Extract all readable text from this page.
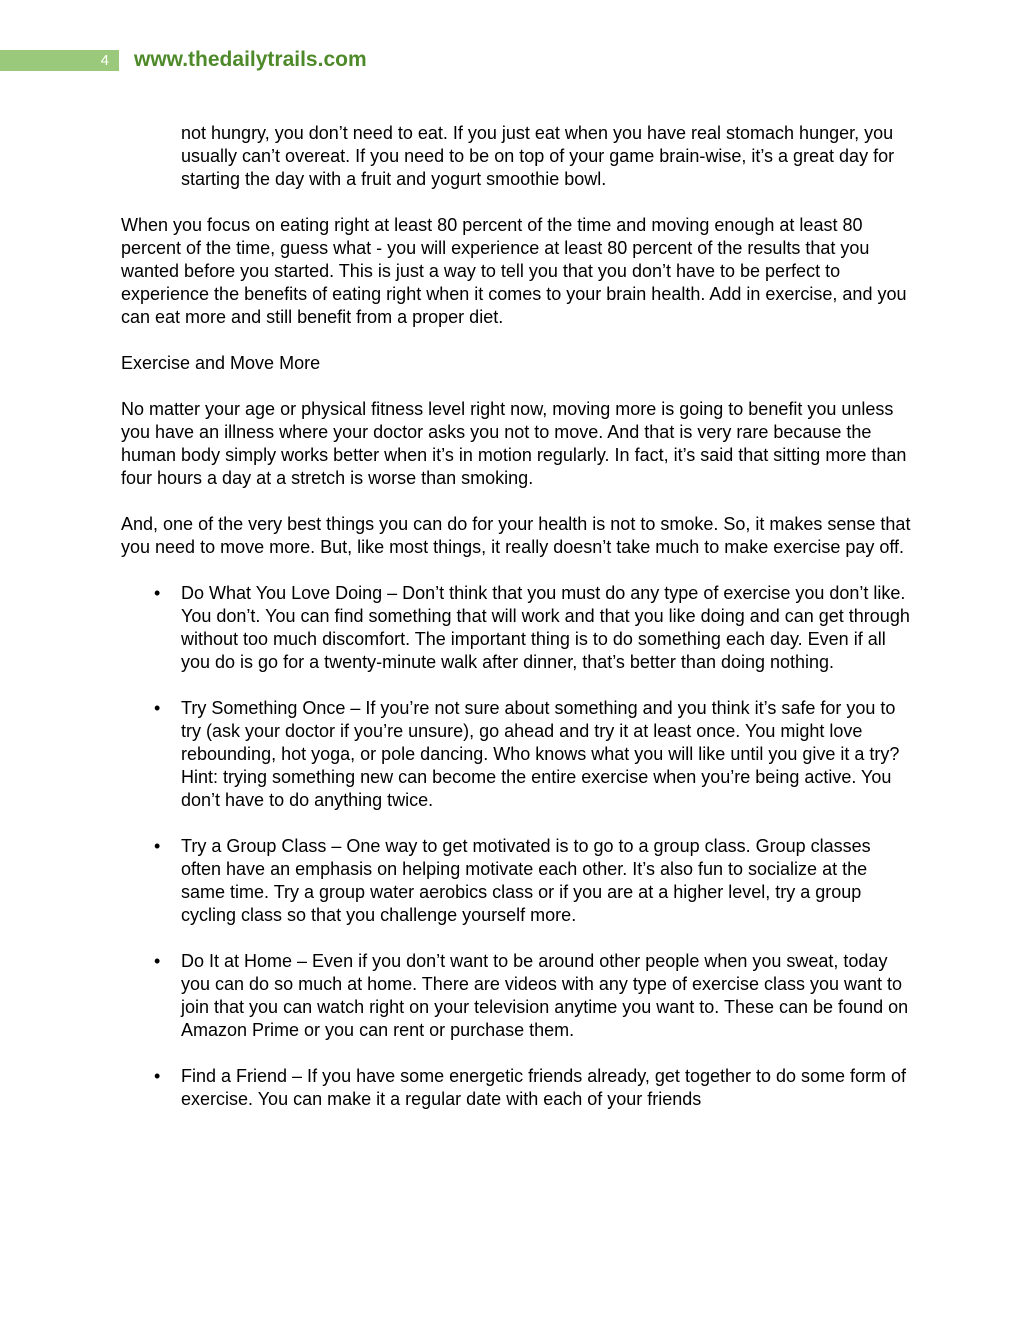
4 www.thedailytrails.com

not hungry, you don’t need to eat. If you just eat when you have real stomach hunger, you usually can’t overeat. If you need to be on top of your game brain-wise, it’s a great day for starting the day with a fruit and yogurt smoothie bowl.

When you focus on eating right at least 80 percent of the time and moving enough at least 80 percent of the time, guess what - you will experience at least 80 percent of the results that you wanted before you started. This is just a way to tell you that you don’t have to be perfect to experience the benefits of eating right when it comes to your brain health. Add in exercise, and you can eat more and still benefit from a proper diet.

Exercise and Move More

No matter your age or physical fitness level right now, moving more is going to benefit you unless you have an illness where your doctor asks you not to move. And that is very rare because the human body simply works better when it’s in motion regularly. In fact, it’s said that sitting more than four hours a day at a stretch is worse than smoking.

And, one of the very best things you can do for your health is not to smoke. So, it makes sense that you need to move more. But, like most things, it really doesn’t take much to make exercise pay off.

• Do What You Love Doing – Don’t think that you must do any type of exercise you don’t like. You don’t. You can find something that will work and that you like doing and can get through without too much discomfort. The important thing is to do something each day. Even if all you do is go for a twenty-minute walk after dinner, that’s better than doing nothing.
• Try Something Once – If you’re not sure about something and you think it’s safe for you to try (ask your doctor if you’re unsure), go ahead and try it at least once. You might love rebounding, hot yoga, or pole dancing. Who knows what you will like until you give it a try? Hint: trying something new can become the entire exercise when you’re being active. You don’t have to do anything twice.
• Try a Group Class – One way to get motivated is to go to a group class. Group classes often have an emphasis on helping motivate each other. It’s also fun to socialize at the same time. Try a group water aerobics class or if you are at a higher level, try a group cycling class so that you challenge yourself more.
• Do It at Home – Even if you don’t want to be around other people when you sweat, today you can do so much at home. There are videos with any type of exercise class you want to join that you can watch right on your television anytime you want to. These can be found on Amazon Prime or you can rent or purchase them.
• Find a Friend – If you have some energetic friends already, get together to do some form of exercise. You can make it a regular date with each of your friends
